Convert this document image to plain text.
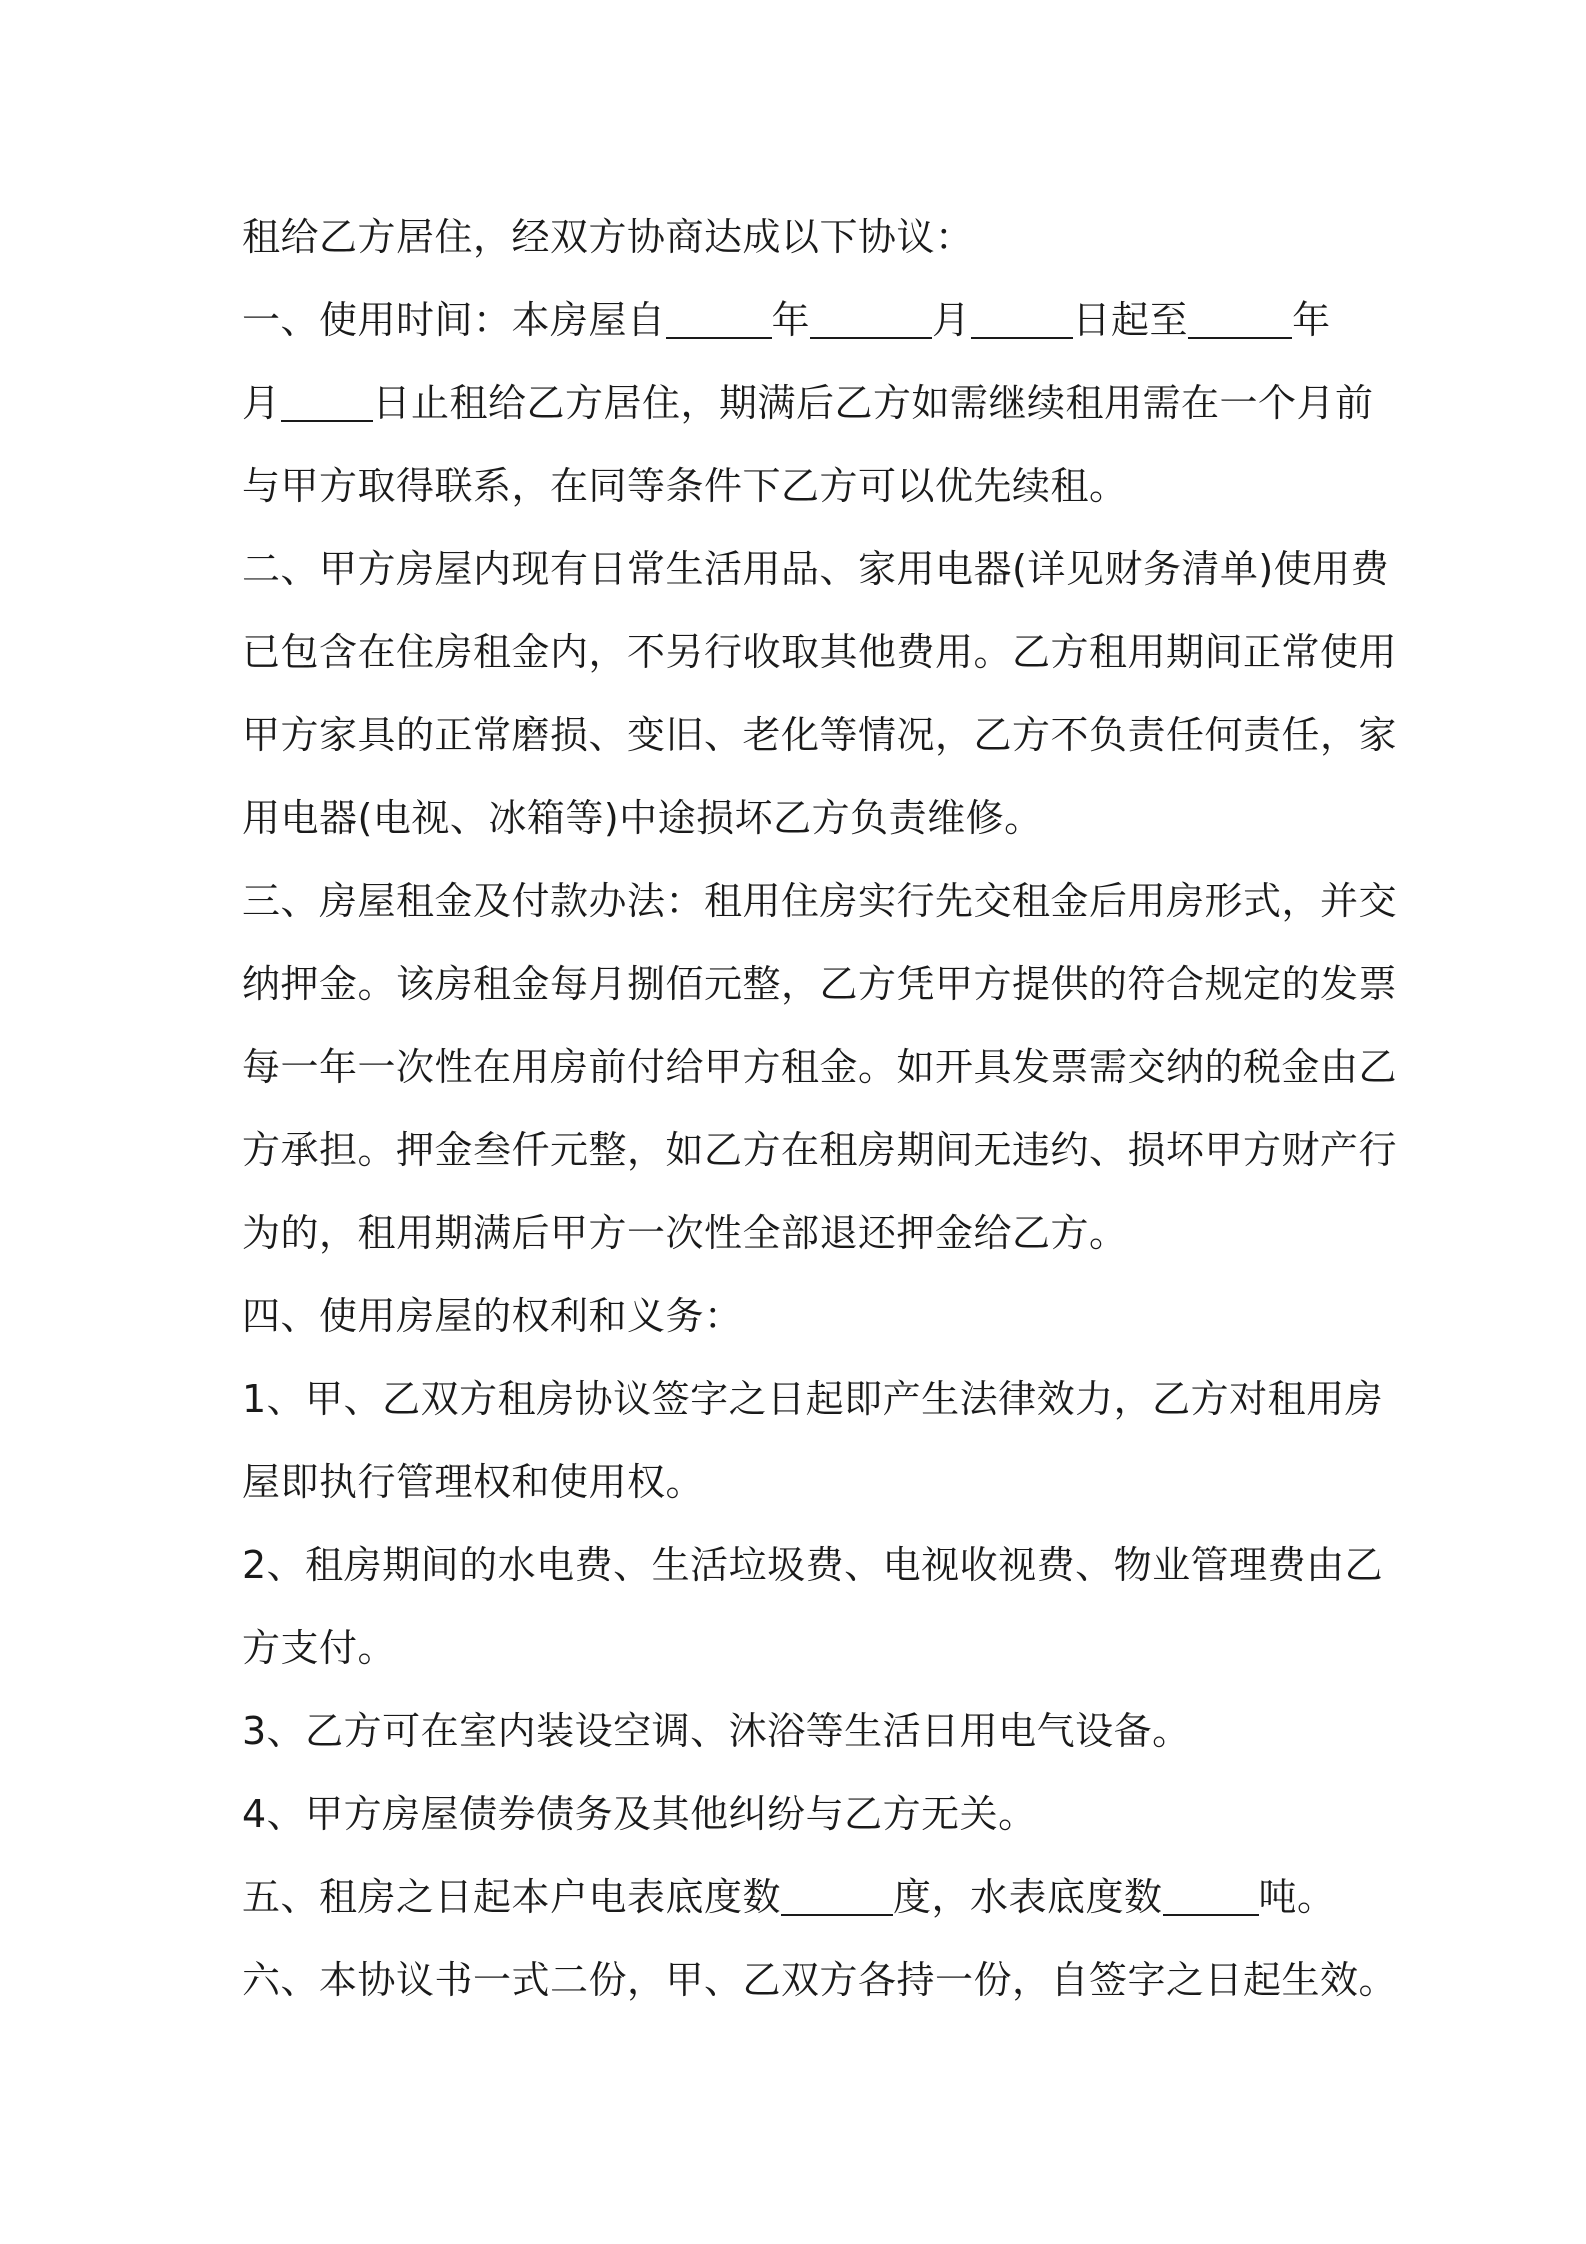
租给乙方居住，经双方协商达成以下协议：
一、使用时间：本房屋自	年	月	日起至	年
月 日止租给乙方居住，期满后乙方如需继续租用需在一个月前
与甲方取得联系，在同等条件下乙方可以优先续租。
二、甲方房屋内现有日常生活用品、家用电器(详见财务清单)使用费
已包含在住房租金内，不另行收取其他费用。乙方租用期间正常使用
甲方家具的正常磨损、变旧、老化等情况，乙方不负责任何责任，家
用电器(电视、冰箱等)中途损坏乙方负责维修。
三、房屋租金及付款办法：租用住房实行先交租金后用房形式，并交
纳押金。该房租金每月捌佰元整，乙方凭甲方提供的符合规定的发票
每一年一次性在用房前付给甲方租金。如开具发票需交纳的税金由乙
方承担。押金叁仟元整，如乙方在租房期间无违约、损坏甲方财产行
为的，租用期满后甲方一次性全部退还押金给乙方。
四、使用房屋的权利和义务：
1、甲、乙双方租房协议签字之日起即产生法律效力，乙方对租用房
屋即执行管理权和使用权。
2、租房期间的水电费、生活垃圾费、电视收视费、物业管理费由乙
方支付。
3、乙方可在室内装设空调、沐浴等生活日用电气设备。
4、甲方房屋债券债务及其他纠纷与乙方无关。
五、租房之日起本户电表底度数	度，水表底度数	吨。
六、本协议书一式二份，甲、乙双方各持一份，自签字之日起生效。
